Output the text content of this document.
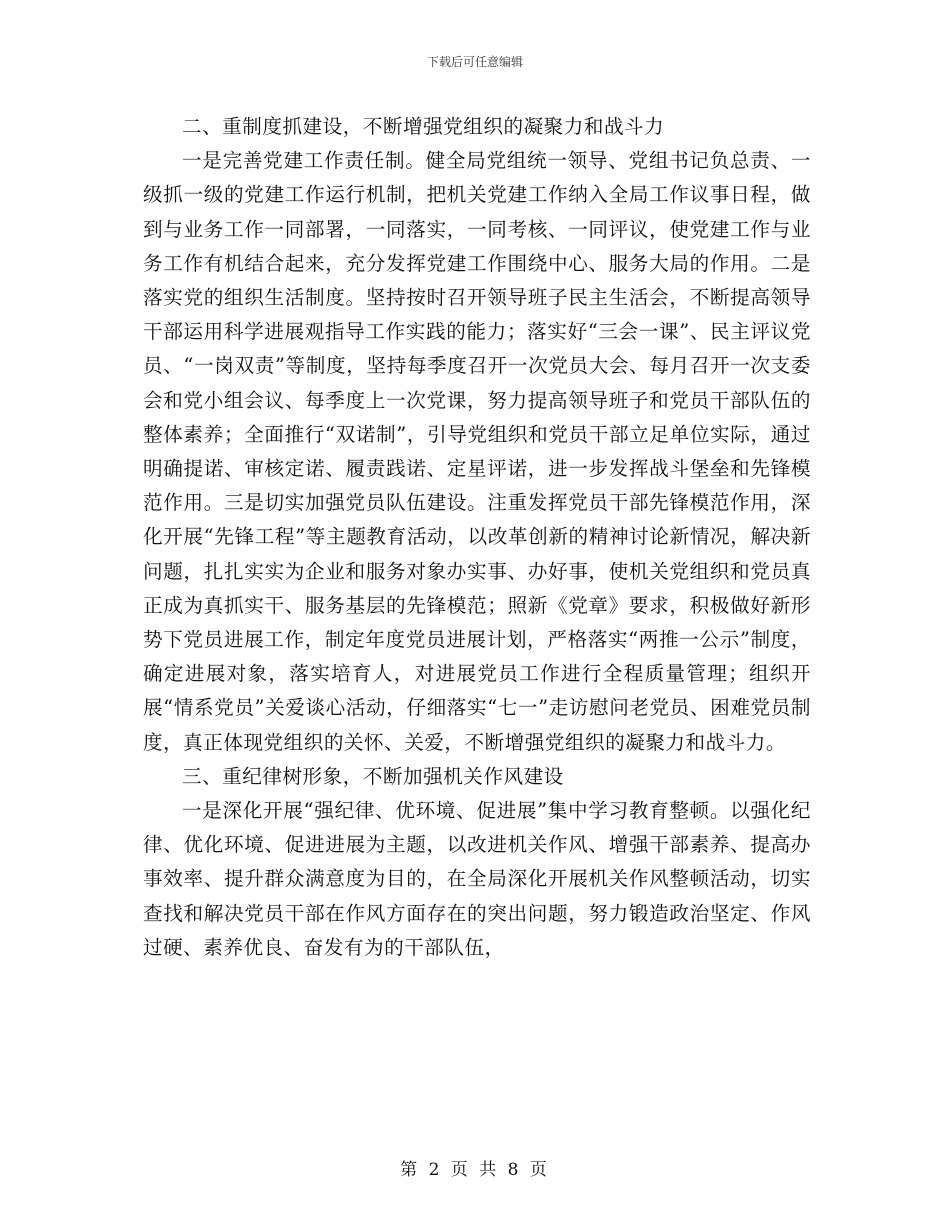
下载后可任意编辑

二、重制度抓建设，不断增强党组织的凝聚力和战斗力

一是完善党建工作责任制。健全局党组统一领导、党组书记负总责、一级抓一级的党建工作运行机制，把机关党建工作纳入全局工作议事日程，做到与业务工作一同部署，一同落实，一同考核、一同评议，使党建工作与业务工作有机结合起来，充分发挥党建工作围绕中心、服务大局的作用。二是落实党的组织生活制度。坚持按时召开领导班子民主生活会，不断提高领导干部运用科学进展观指导工作实践的能力；落实好“三会一课”、民主评议党员、“一岗双责”等制度，坚持每季度召开一次党员大会、每月召开一次支委会和党小组会议、每季度上一次党课，努力提高领导班子和党员干部队伍的整体素养；全面推行“双诺制”，引导党组织和党员干部立足单位实际，通过明确提诺、审核定诺、履责践诺、定星评诺，进一步发挥战斗堡垒和先锋模范作用。三是切实加强党员队伍建设。注重发挥党员干部先锋模范作用，深化开展“先锋工程”等主题教育活动，以改革创新的精神讨论新情况，解决新问题，扎扎实实为企业和服务对象办实事、办好事，使机关党组织和党员真正成为真抓实干、服务基层的先锋模范；照新《党章》要求，积极做好新形势下党员进展工作，制定年度党员进展计划，严格落实“两推一公示”制度，确定进展对象，落实培育人，对进展党员工作进行全程质量管理；组织开展“情系党员”关爱谈心活动，仔细落实“七一”走访慰问老党员、困难党员制度，真正体现党组织的关怀、关爱，不断增强党组织的凝聚力和战斗力。

三、重纪律树形象，不断加强机关作风建设

一是深化开展“强纪律、优环境、促进展”集中学习教育整顿。以强化纪律、优化环境、促进进展为主题，以改进机关作风、增强干部素养、提高办事效率、提升群众满意度为目的，在全局深化开展机关作风整顿活动，切实查找和解决党员干部在作风方面存在的突出问题，努力锻造政治坚定、作风过硬、素养优良、奋发有为的干部队伍，

第 2 页 共 8 页
